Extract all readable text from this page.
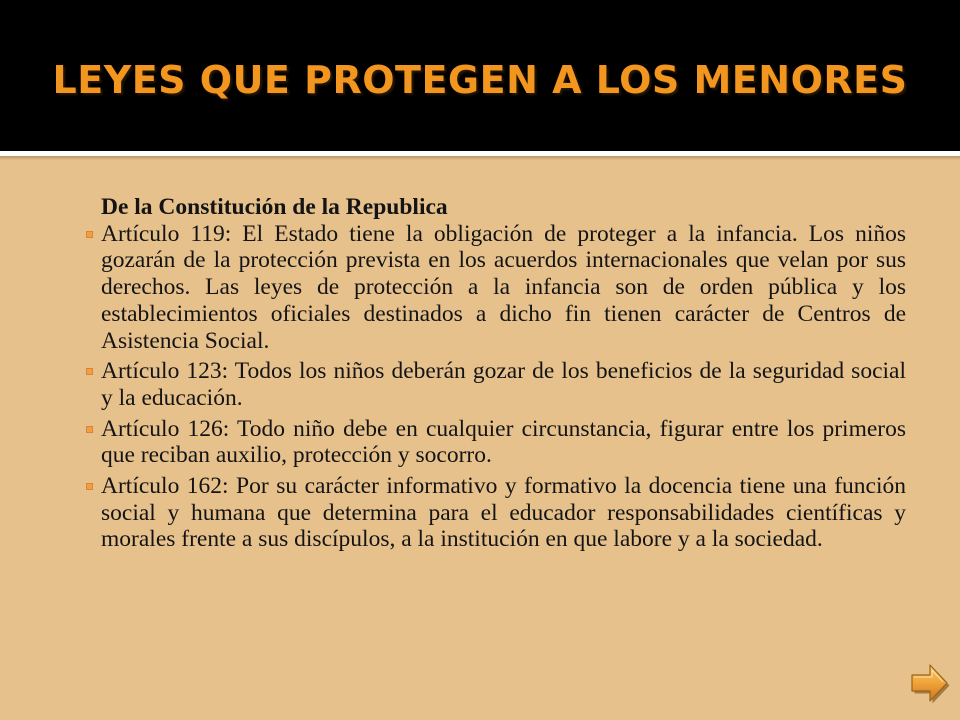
LEYES QUE PROTEGEN A LOS MENORES

De la Constitución de la Republica

Artículo 119: El Estado tiene la obligación de proteger a la infancia. Los niños gozarán de la protección prevista en los acuerdos internacionales que velan por sus derechos. Las leyes de protección a la infancia son de orden pública y los establecimientos oficiales destinados a dicho fin tienen carácter de Centros de Asistencia Social.
Artículo 123: Todos los niños deberán gozar de los beneficios de la seguridad social y la educación.
Artículo 126: Todo niño debe en cualquier circunstancia, figurar entre los primeros que reciban auxilio, protección y socorro.
Artículo 162: Por su carácter informativo y formativo la docencia tiene una función social y humana que determina para el educador responsabilidades científicas y morales frente a sus discípulos, a la institución en que labore y a la sociedad.
